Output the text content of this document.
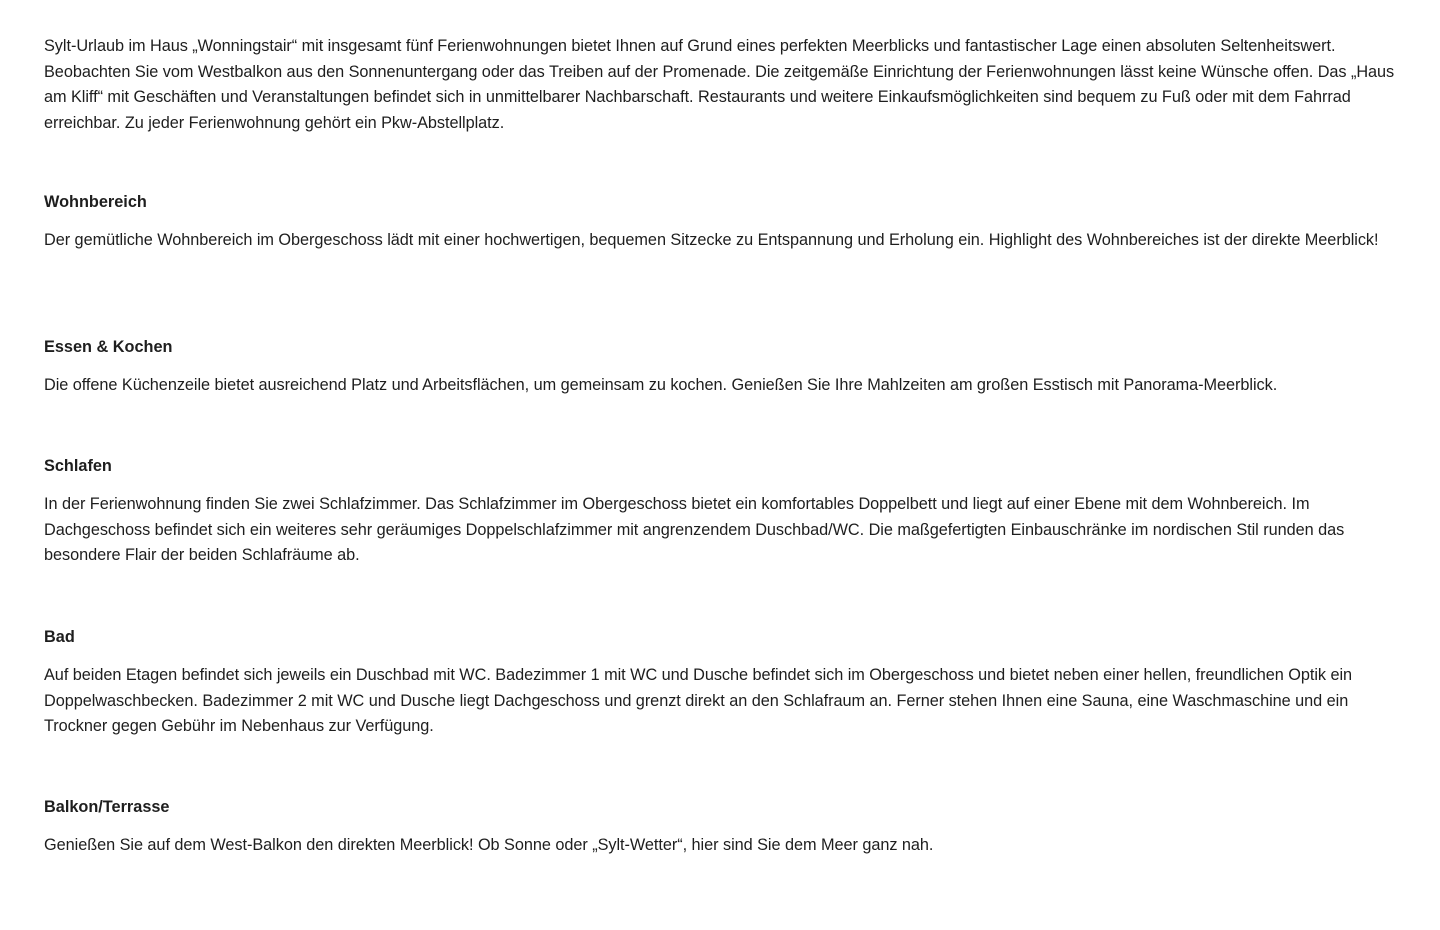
Sylt-Urlaub im Haus „Wonningstair“ mit insgesamt fünf Ferienwohnungen bietet Ihnen auf Grund eines perfekten Meerblicks und fantastischer Lage einen absoluten Seltenheitswert. Beobachten Sie vom Westbalkon aus den Sonnenuntergang oder das Treiben auf der Promenade. Die zeitgemäße Einrichtung der Ferienwohnungen lässt keine Wünsche offen. Das „Haus am Kliff“ mit Geschäften und Veranstaltungen befindet sich in unmittelbarer Nachbarschaft. Restaurants und weitere Einkaufsmöglichkeiten sind bequem zu Fuß oder mit dem Fahrrad erreichbar. Zu jeder Ferienwohnung gehört ein Pkw-Abstellplatz.

Wohnbereich

Der gemütliche Wohnbereich im Obergeschoss lädt mit einer hochwertigen, bequemen Sitzecke zu Entspannung und Erholung ein. Highlight des Wohnbereiches ist der direkte Meerblick!

Essen & Kochen

Die offene Küchenzeile bietet ausreichend Platz und Arbeitsflächen, um gemeinsam zu kochen. Genießen Sie Ihre Mahlzeiten am großen Esstisch mit Panorama-Meerblick.

Schlafen

In der Ferienwohnung finden Sie zwei Schlafzimmer. Das Schlafzimmer im Obergeschoss bietet ein komfortables Doppelbett und liegt auf einer Ebene mit dem Wohnbereich. Im Dachgeschoss befindet sich ein weiteres sehr geräumiges Doppelschlafzimmer mit angrenzendem Duschbad/WC. Die maßgefertigten Einbauschränke im nordischen Stil runden das besondere Flair der beiden Schlafräume ab.

Bad

Auf beiden Etagen befindet sich jeweils ein Duschbad mit WC. Badezimmer 1 mit WC und Dusche befindet sich im Obergeschoss und bietet neben einer hellen, freundlichen Optik ein Doppelwaschbecken. Badezimmer 2 mit WC und Dusche liegt Dachgeschoss und grenzt direkt an den Schlafraum an. Ferner stehen Ihnen eine Sauna, eine Waschmaschine und ein Trockner gegen Gebühr im Nebenhaus zur Verfügung.

Balkon/Terrasse

Genießen Sie auf dem West-Balkon den direkten Meerblick! Ob Sonne oder „Sylt-Wetter“, hier sind Sie dem Meer ganz nah.
